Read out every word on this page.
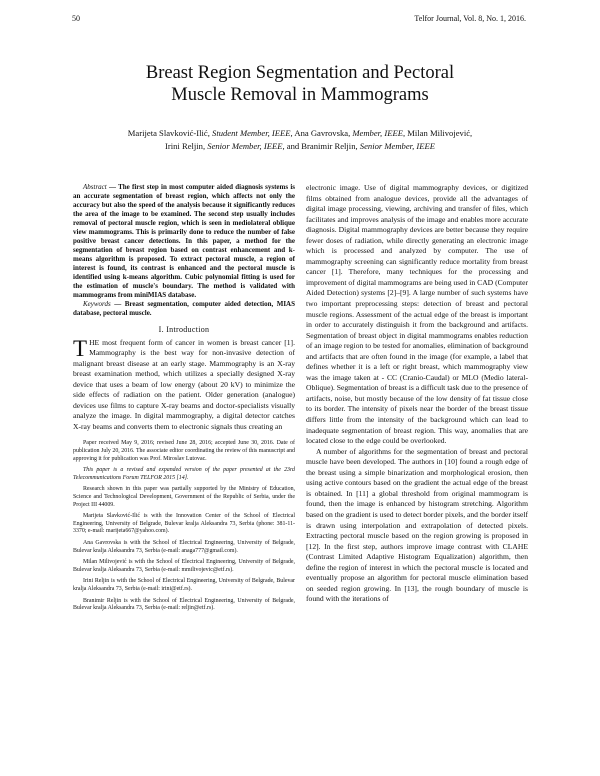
50	Telfor Journal, Vol. 8, No. 1, 2016.
Breast Region Segmentation and Pectoral
Muscle Removal in Mammograms
Marijeta Slavković-Ilić, Student Member, IEEE, Ana Gavrovska, Member, IEEE, Milan Milivojević,
Irini Reljin, Senior Member, IEEE, and Branimir Reljin, Senior Member, IEEE

Abstract — The first step in most computer aided diagnosis systems is an accurate segmentation of breast region, which affects not only the accuracy but also the speed of the analysis because it significantly reduces the area of the image to be examined. The second step usually includes removal of pectoral muscle region, which is seen in mediolateral oblique view mammograms. This is primarily done to reduce the number of false positive breast cancer detections. In this paper, a method for the segmentation of breast region based on contrast enhancement and k-means algorithm is proposed. To extract pectoral muscle, a region of interest is found, its contrast is enhanced and the pectoral muscle is identified using k-means algorithm. Cubic polynomial fitting is used for the estimation of muscle's boundary. The method is validated with mammograms from miniMIAS database.

Keywords — Breast segmentation, computer aided detection, MIAS database, pectoral muscle.

I. Introduction

THE most frequent form of cancer in women is breast cancer [1]. Mammography is the best way for non-invasive detection of malignant breast disease at an early stage. Mammography is an X-ray breast examination method, which utilizes a specially designed X-ray device that uses a beam of low energy (about 20 kV) to minimize the side effects of radiation on the patient. Older generation (analogue) devices use films to capture X-ray beams and doctor-specialists visually analyze the image. In digital mammography, a digital detector catches X-ray beams and converts them to electronic signals thus creating an

Paper received May 9, 2016; revised June 28, 2016; accepted June 30, 2016. Date of publication July 20, 2016. The associate editor coordinating the review of this manuscript and approving it for publication was Prof. Miroslav Lutovac.

This paper is a revised and expanded version of the paper presented at the 23rd Telecommunications Forum TELFOR 2015 [14].

Research shown in this paper was partially supported by the Ministry of Education, Science and Technological Development, Government of the Republic of Serbia, under the Project III 44009.

Marijeta Slavković-Ilić is with the Innovation Center of the School of Electrical Engineering, University of Belgrade, Bulevar kralja Aleksandra 73, Serbia (phone: 381-11-3370; e-mail: marijeta667@yahoo.com).

Ana Gavrovska is with the School of Electrical Engineering, University of Belgrade, Bulevar kralja Aleksandra 73, Serbia (e-mail: anaga777@gmail.com).

Milan Milivojević is with the School of Electrical Engineering, University of Belgrade, Bulevar kralja Aleksandra 73, Serbia (e-mail: mmilivojevic@etf.rs).

Irini Reljin is with the School of Electrical Engineering, University of Belgrade, Bulevar kralja Aleksandra 73, Serbia (e-mail: irini@etf.rs).

Branimir Reljin is with the School of Electrical Engineering, University of Belgrade, Bulevar kralja Aleksandra 73, Serbia (e-mail: reljin@etf.rs).

electronic image. Use of digital mammography devices, or digitized films obtained from analogue devices, provide all the advantages of digital image processing, viewing, archiving and transfer of files, which facilitates and improves analysis of the image and enables more accurate diagnosis. Digital mammography devices are better because they require fewer doses of radiation, while directly generating an electronic image which is processed and analyzed by computer. The use of mammography screening can significantly reduce mortality from breast cancer [1]. Therefore, many techniques for the processing and improvement of digital mammograms are being used in CAD (Computer Aided Detection) systems [2]–[9]. A large number of such systems have two important preprocessing steps: detection of breast and pectoral muscle regions. Assessment of the actual edge of the breast is important in order to accurately distinguish it from the background and artifacts. Segmentation of breast object in digital mammograms enables reduction of an image region to be tested for anomalies, elimination of background and artifacts that are often found in the image (for example, a label that defines whether it is a left or right breast, which mammography view was the image taken at - CC (Cranio-Caudal) or MLO (Medio lateral-Oblique). Segmentation of breast is a difficult task due to the presence of artifacts, noise, but mostly because of the low density of fat tissue close to its border. The intensity of pixels near the border of the breast tissue differs little from the intensity of the background which can lead to inadequate segmentation of breast region. This way, anomalies that are located close to the edge could be overlooked.

A number of algorithms for the segmentation of breast and pectoral muscle have been developed. The authors in [10] found a rough edge of the breast using a simple binarization and morphological erosion, then using active contours based on the gradient the actual edge of the breast is obtained. In [11] a global threshold from original mammogram is found, then the image is enhanced by histogram stretching. Algorithm based on the gradient is used to detect border pixels, and the border itself is drawn using interpolation and extrapolation of detected pixels. Extracting pectoral muscle based on the region growing is proposed in [12]. In the first step, authors improve image contrast with CLAHE (Contrast Limited Adaptive Histogram Equalization) algorithm, then define the region of interest in which the pectoral muscle is located and eventually propose an algorithm for pectoral muscle elimination based on seeded region growing. In [13], the rough boundary of muscle is found with the iterations of
